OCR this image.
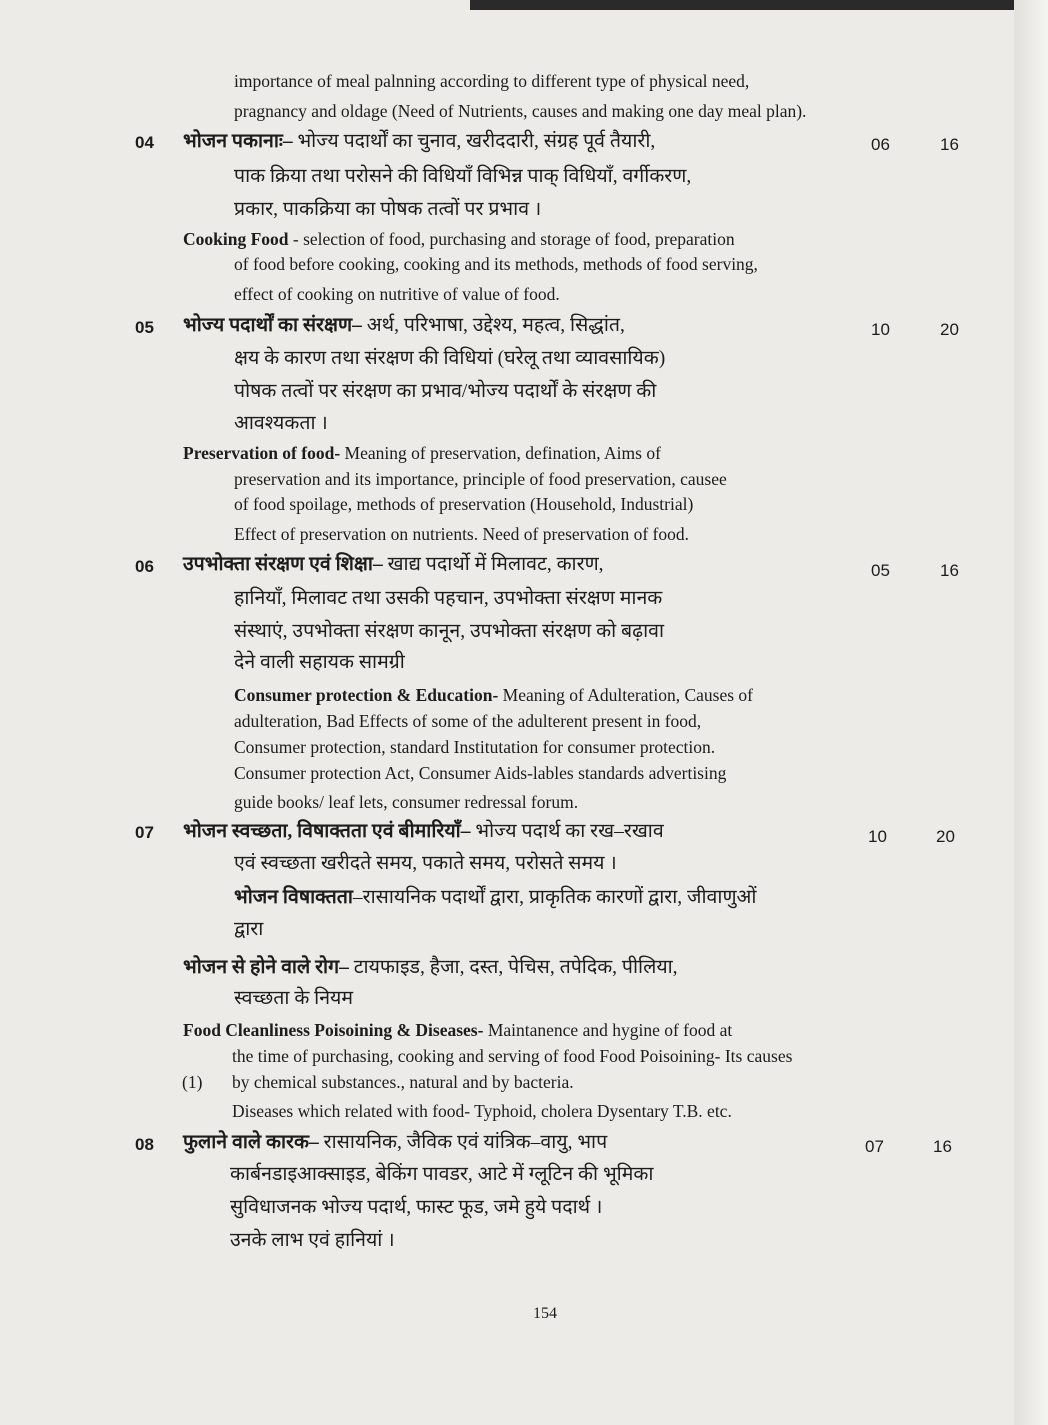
importance of meal palnning according to different type of physical need,
pragnancy and oldage (Need of Nutrients, causes and making one day meal plan).
04 भोजन पकानाः– भोज्य पदार्थों का चुनाव, खरीददारी, संग्रह पूर्व तैयारी,	06	16
पाक क्रिया तथा परोसने की विधियाँ विभिन्न पाक् विधियाँ, वर्गीकरण,
प्रकार, पाकक्रिया का पोषक तत्वों पर प्रभाव ।
Cooking Food - selection of food, purchasing and storage of food, preparation
of food before cooking, cooking and its methods, methods of food serving,
effect of cooking on nutritive of value of food.
05 भोज्य पदार्थों का संरक्षण– अर्थ, परिभाषा, उद्देश्य, महत्व, सिद्धांत,	10	20
क्षय के कारण तथा संरक्षण की विधियां (घरेलू तथा व्यावसायिक)
पोषक तत्वों पर संरक्षण का प्रभाव/भोज्य पदार्थों के संरक्षण की
आवश्यकता ।
Preservation of food- Meaning of preservation, defination, Aims of
preservation and its importance, principle of food preservation, causee
of food spoilage, methods of preservation (Household, Industrial)
Effect of preservation on nutrients. Need of preservation of food.
06 उपभोक्ता संरक्षण एवं शिक्षा– खाद्य पदार्थो में मिलावट, कारण,	05	16
हानियाँ, मिलावट तथा उसकी पहचान, उपभोक्ता संरक्षण मानक
संस्थाएं, उपभोक्ता संरक्षण कानून, उपभोक्ता संरक्षण को बढ़ावा
देने वाली सहायक सामग्री
Consumer protection & Education- Meaning of Adulteration, Causes of
adulteration, Bad Effects of some of the adulterent present in food,
Consumer protection, standard Institutation for consumer protection.
Consumer protection Act, Consumer Aids-lables standards advertising
guide books/ leaf lets, consumer redressal forum.
07 भोजन स्वच्छता, विषाक्तता एवं बीमारियाँ– भोज्य पदार्थ का रख–रखाव	10	20
एवं स्वच्छता खरीदते समय, पकाते समय, परोसते समय ।
भोजन विषाक्तता–रासायनिक पदार्थों द्वारा, प्राकृतिक कारणों द्वारा, जीवाणुओं
द्वारा
भोजन से होने वाले रोग– टायफाइड, हैजा, दस्त, पेचिस, तपेदिक, पीलिया,
स्वच्छता के नियम
Food Cleanliness Poisoining & Diseases- Maintanence and hygine of food at
the time of purchasing, cooking and serving of food Food Poisoining- Its causes
(1) by chemical substances., natural and by bacteria.
Diseases which related with food- Typhoid, cholera Dysentary T.B. etc.
08 फुलाने वाले कारक– रासायनिक, जैविक एवं यांत्रिक–वायु, भाप	07	16
कार्बनडाइआक्साइड, बेकिंग पावडर, आटे में ग्लूटिन की भूमिका
सुविधाजनक भोज्य पदार्थ, फास्ट फूड, जमे हुये पदार्थ ।
उनके लाभ एवं हानियां ।
154
